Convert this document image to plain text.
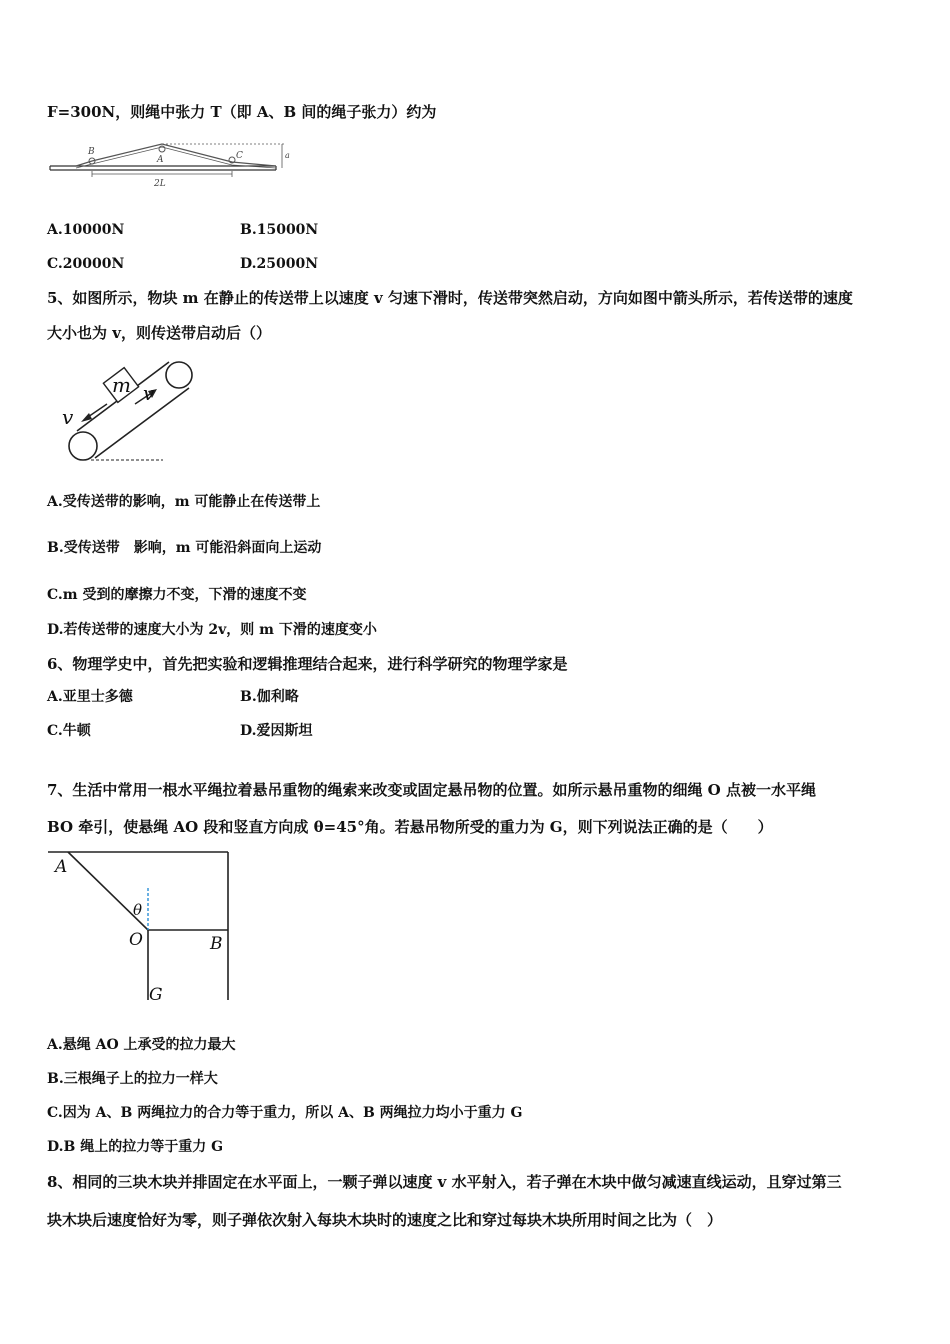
F=300N，则绳中张力 T（即 A、B 间的绳子张力）约为
B
A	C	a
2L
A.10000N	B.15000N
C.20000N	D.25000N
5、如图所示，物块 m 在静止的传送带上以速度 v 匀速下滑时，传送带突然启动，方向如图中箭头所示，若传送带的速度
大小也为 v，则传送带启动后（）
m v
v
A.受传送带的影响，m 可能静止在传送带上
B.受传送带　影响，m 可能沿斜面向上运动
C.m 受到的摩擦力不变，下滑的速度不变
D.若传送带的速度大小为 2v，则 m 下滑的速度变小
6、物理学史中，首先把实验和逻辑推理结合起来，进行科学研究的物理学家是
A.亚里士多德	B.伽利略
C.牛顿	D.爱因斯坦
7、生活中常用一根水平绳拉着悬吊重物的绳索来改变或固定悬吊物的位置。如所示悬吊重物的细绳 O 点被一水平绳
BO 牵引，使悬绳 AO 段和竖直方向成 θ=45°角。若悬吊物所受的重力为 G，则下列说法正确的是（　　）
A
θ
O	B
G
A.悬绳 AO 上承受的拉力最大
B.三根绳子上的拉力一样大
C.因为 A、B 两绳拉力的合力等于重力，所以 A、B 两绳拉力均小于重力 G
D.B 绳上的拉力等于重力 G
8、相同的三块木块并排固定在水平面上，一颗子弹以速度 v 水平射入，若子弹在木块中做匀减速直线运动，且穿过第三
块木块后速度恰好为零，则子弹依次射入每块木块时的速度之比和穿过每块木块所用时间之比为（　）
